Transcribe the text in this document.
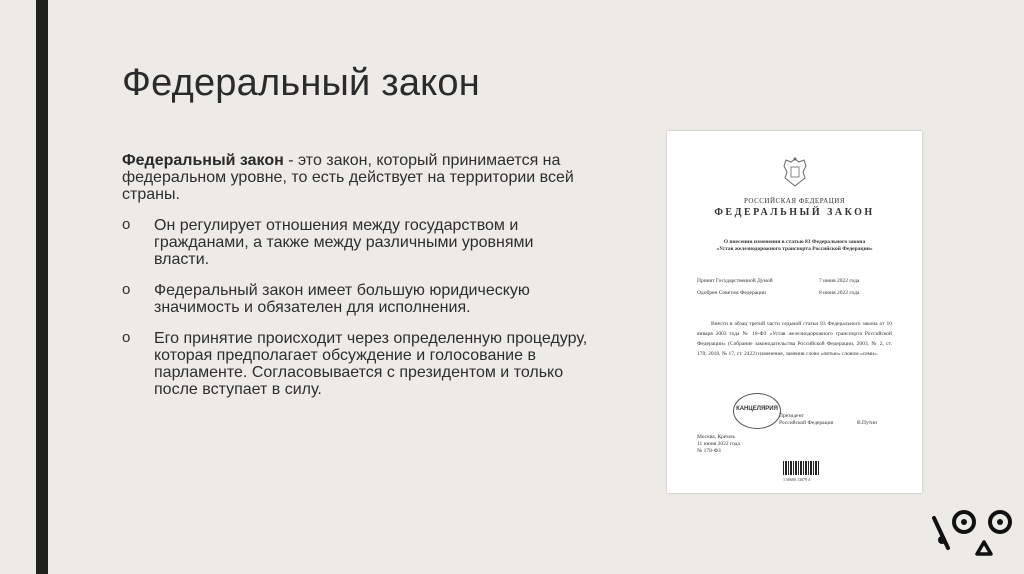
Федеральный закон

Федеральный закон - это закон, который принимается на федеральном уровне, то есть действует на территории всей страны.

o Он регулирует отношения между государством и гражданами, а также между различными уровнями власти.
o Федеральный закон имеет большую юридическую значимость и обязателен для исполнения.
o Его принятие происходит через определенную процедуру, которая предполагает обсуждение и голосование в парламенте. Согласовывается с президентом и только после вступает в силу.
РОССИЙСКАЯ ФЕДЕРАЦИЯ
ФЕДЕРАЛЬНЫЙ ЗАКОН
О внесении изменения в статью 83 Федерального закона
«Устав железнодорожного транспорта Российской Федерации»
Принят Государственной Думой	7 июня 2022 года
Одобрен Советом Федерации	8 июня 2022 года
Внести в абзац третий части седьмой статьи 83 Федерального закона от 10 января 2003 года № 18-ФЗ «Устав железнодорожного транспорта Российской Федерации» (Собрание законодательства Российской Федерации, 2003, № 2, ст. 170; 2018, № 17, ст. 2422) изменение, заменив слово «пятью» словом «семи».
КАНЦЕЛЯРИЯ
Президент
Российской Федерации	В.Путин
Москва, Кремль
11 июня 2022 года
№ 178-ФЗ
1 50600 13079 4
